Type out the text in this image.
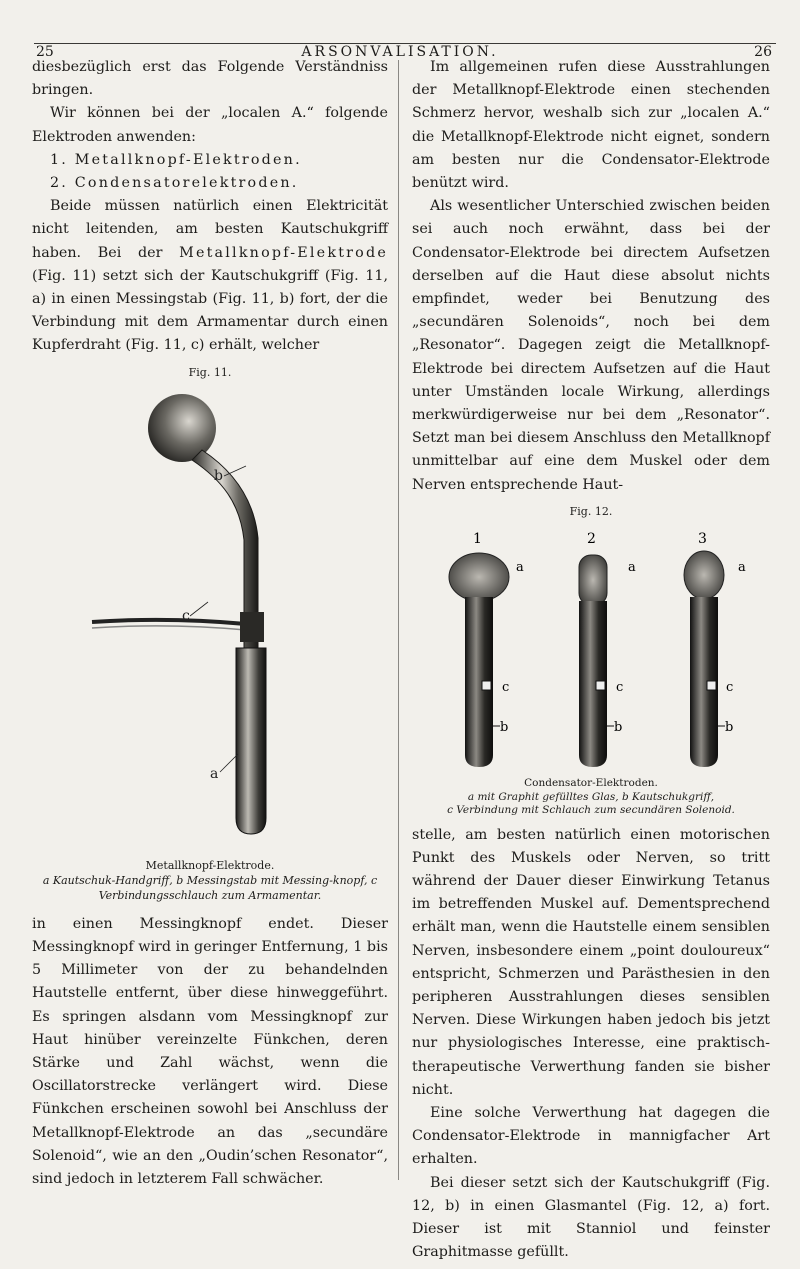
25	ARSONVALISATION.	26

diesbezüglich erst das Folgende Verständniss bringen.

Wir können bei der „localen A.“ folgende Elektroden anwenden:

1. Metallknopf-Elektroden.

2. Condensatorelektroden.

Beide müssen natürlich einen Elektricität nicht leitenden, am besten Kautschukgriff haben. Bei der Metallknopf-Elektrode (Fig. 11) setzt sich der Kautschukgriff (Fig. 11, a) in einen Messingstab (Fig. 11, b) fort, der die Verbindung mit dem Armamentar durch einen Kupferdraht (Fig. 11, c) erhält, welcher

Fig. 11.
b
c
a
Metallknopf-Elektrode.
a Kautschuk-Handgriff, b Messingstab mit Messing-knopf, c Verbindungsschlauch zum Armamentar.

in einen Messingknopf endet. Dieser Messingknopf wird in geringer Entfernung, 1 bis 5 Millimeter von der zu behandelnden Hautstelle entfernt, über diese hinweggeführt. Es springen alsdann vom Messingknopf zur Haut hinüber vereinzelte Fünkchen, deren Stärke und Zahl wächst, wenn die Oscillatorstrecke verlängert wird. Diese Fünkchen erscheinen sowohl bei Anschluss der Metallknopf-Elektrode an das „secundäre Solenoid“, wie an den „Oudin’schen Resonator“, sind jedoch in letzterem Fall schwächer.

Im allgemeinen rufen diese Ausstrahlungen der Metallknopf-Elektrode einen stechenden Schmerz hervor, weshalb sich zur „localen A.“ die Metallknopf-Elektrode nicht eignet, sondern am besten nur die Condensator-Elektrode benützt wird.

Als wesentlicher Unterschied zwischen beiden sei auch noch erwähnt, dass bei der Condensator-Elektrode bei directem Aufsetzen derselben auf die Haut diese absolut nichts empfindet, weder bei Benutzung des „secundären Solenoids“, noch bei dem „Resonator“. Dagegen zeigt die Metallknopf-Elektrode bei directem Aufsetzen auf die Haut unter Umständen locale Wirkung, allerdings merkwürdigerweise nur bei dem „Resonator“. Setzt man bei diesem Anschluss den Metallknopf unmittelbar auf eine dem Muskel oder dem Nerven entsprechende Haut-

Fig. 12.
1
a
c
b
2
a
c
b
3
a
c
b
Condensator-Elektroden.
a mit Graphit gefülltes Glas, b Kautschukgriff,
c Verbindung mit Schlauch zum secundären Solenoid.

stelle, am besten natürlich einen motorischen Punkt des Muskels oder Nerven, so tritt während der Dauer dieser Einwirkung Tetanus im betreffenden Muskel auf. Dementsprechend erhält man, wenn die Hautstelle einem sensiblen Nerven, insbesondere einem „point douloureux“ entspricht, Schmerzen und Parästhesien in den peripheren Ausstrahlungen dieses sensiblen Nerven. Diese Wirkungen haben jedoch bis jetzt nur physiologisches Interesse, eine praktisch-therapeutische Verwerthung fanden sie bisher nicht.

Eine solche Verwerthung hat dagegen die Condensator-Elektrode in mannigfacher Art erhalten.

Bei dieser setzt sich der Kautschukgriff (Fig. 12, b) in einen Glasmantel (Fig. 12, a) fort. Dieser ist mit Stanniol und feinster Graphitmasse gefüllt.
